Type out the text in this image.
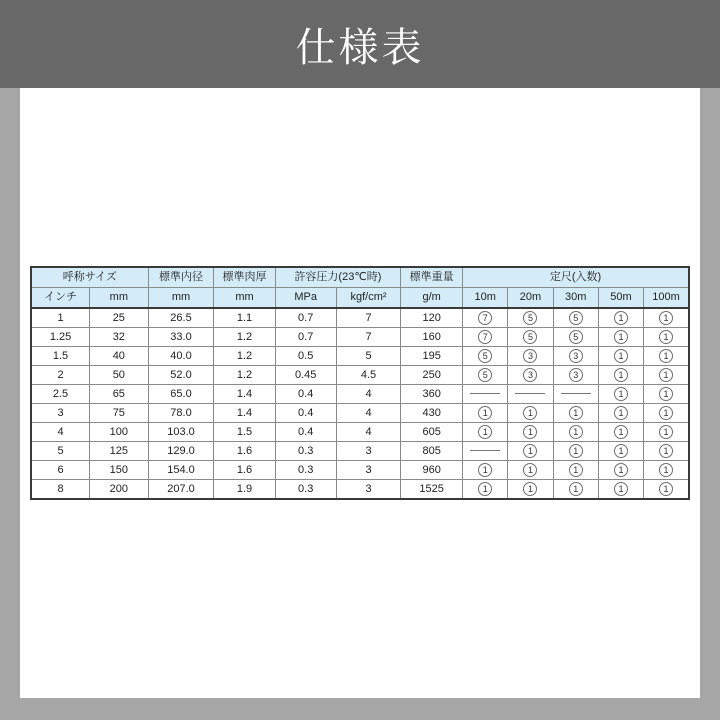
仕様表
呼称サイズ		標準内径	標準肉厚	許容圧力(23℃時)		標準重量	定尺(入数)				
インチ	mm	mm	mm	MPa	kgf/cm²	g/m	10m	20m	30m	50m	100m
1	25	26.5	1.1	0.7	7	120	7	5	5	1	1
1.25	32	33.0	1.2	0.7	7	160	7	5	5	1	1
1.5	40	40.0	1.2	0.5	5	195	5	3	3	1	1
2	50	52.0	1.2	0.45	4.5	250	5	3	3	1	1
2.5	65	65.0	1.4	0.4	4	360				1	1
3	75	78.0	1.4	0.4	4	430	1	1	1	1	1
4	100	103.0	1.5	0.4	4	605	1	1	1	1	1
5	125	129.0	1.6	0.3	3	805		1	1	1	1
6	150	154.0	1.6	0.3	3	960	1	1	1	1	1
8	200	207.0	1.9	0.3	3	1525	1	1	1	1	1
